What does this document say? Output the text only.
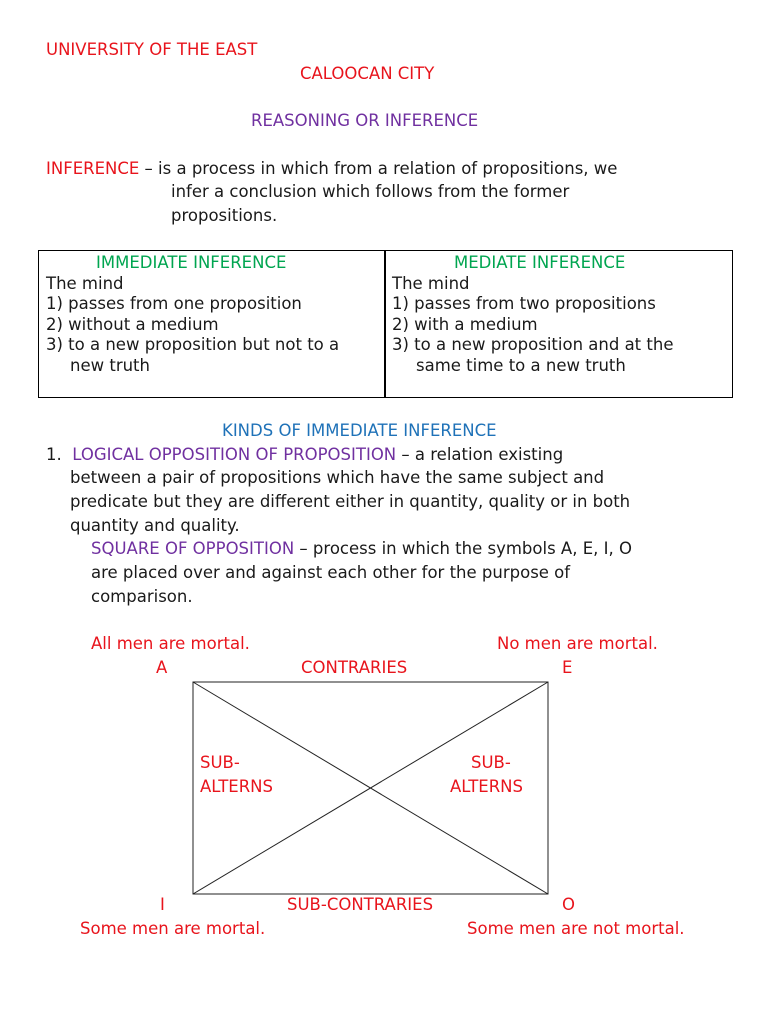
UNIVERSITY OF THE EAST
CALOOCAN CITY
REASONING OR INFERENCE
INFERENCE – is a process in which from a relation of propositions, we
infer a conclusion which follows from the former
propositions.
IMMEDIATE INFERENCE
The mind
1) passes from one proposition
2) without a medium
3) to a new proposition but not to a
new truth
MEDIATE INFERENCE
The mind
1) passes from two propositions
2) with a medium
3) to a new proposition and at the
same time to a new truth
KINDS OF IMMEDIATE INFERENCE
1. LOGICAL OPPOSITION OF PROPOSITION – a relation existing
between a pair of propositions which have the same subject and
predicate but they are different either in quantity, quality or in both
quantity and quality.
SQUARE OF OPPOSITION – process in which the symbols A, E, I, O
are placed over and against each other for the purpose of
comparison.
All men are mortal.	No men are mortal.
A	CONTRARIES	E
SUB-
ALTERNS
SUB-
ALTERNS
I	SUB-CONTRARIES	O
Some men are mortal.	Some men are not mortal.
